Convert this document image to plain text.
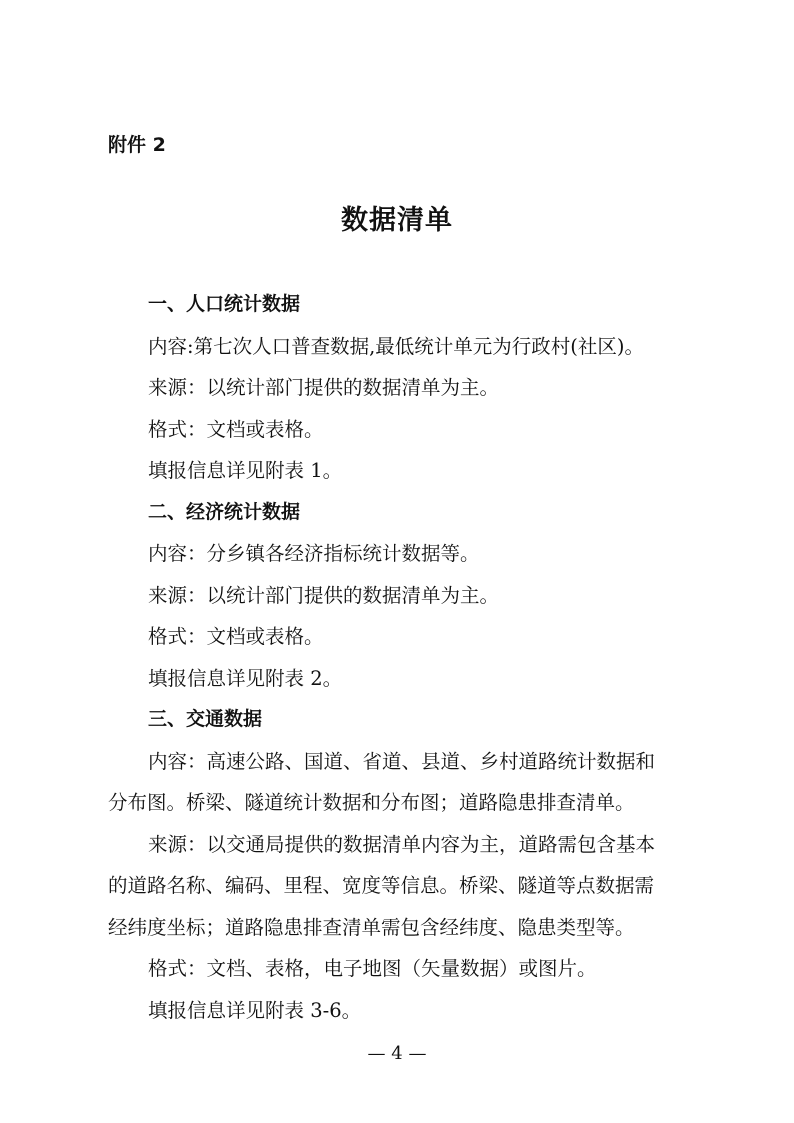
附件 2
数据清单
一、人口统计数据
内容:第七次人口普查数据,最低统计单元为行政村(社区)。
来源：以统计部门提供的数据清单为主。
格式：文档或表格。
填报信息详见附表 1。
二、经济统计数据
内容：分乡镇各经济指标统计数据等。
来源：以统计部门提供的数据清单为主。
格式：文档或表格。
填报信息详见附表 2。
三、交通数据
内容：高速公路、国道、省道、县道、乡村道路统计数据和
分布图。桥梁、隧道统计数据和分布图；道路隐患排查清单。
来源：以交通局提供的数据清单内容为主，道路需包含基本
的道路名称、编码、里程、宽度等信息。桥梁、隧道等点数据需
经纬度坐标；道路隐患排查清单需包含经纬度、隐患类型等。
格式：文档、表格，电子地图（矢量数据）或图片。
填报信息详见附表 3-6。
— 4 —
